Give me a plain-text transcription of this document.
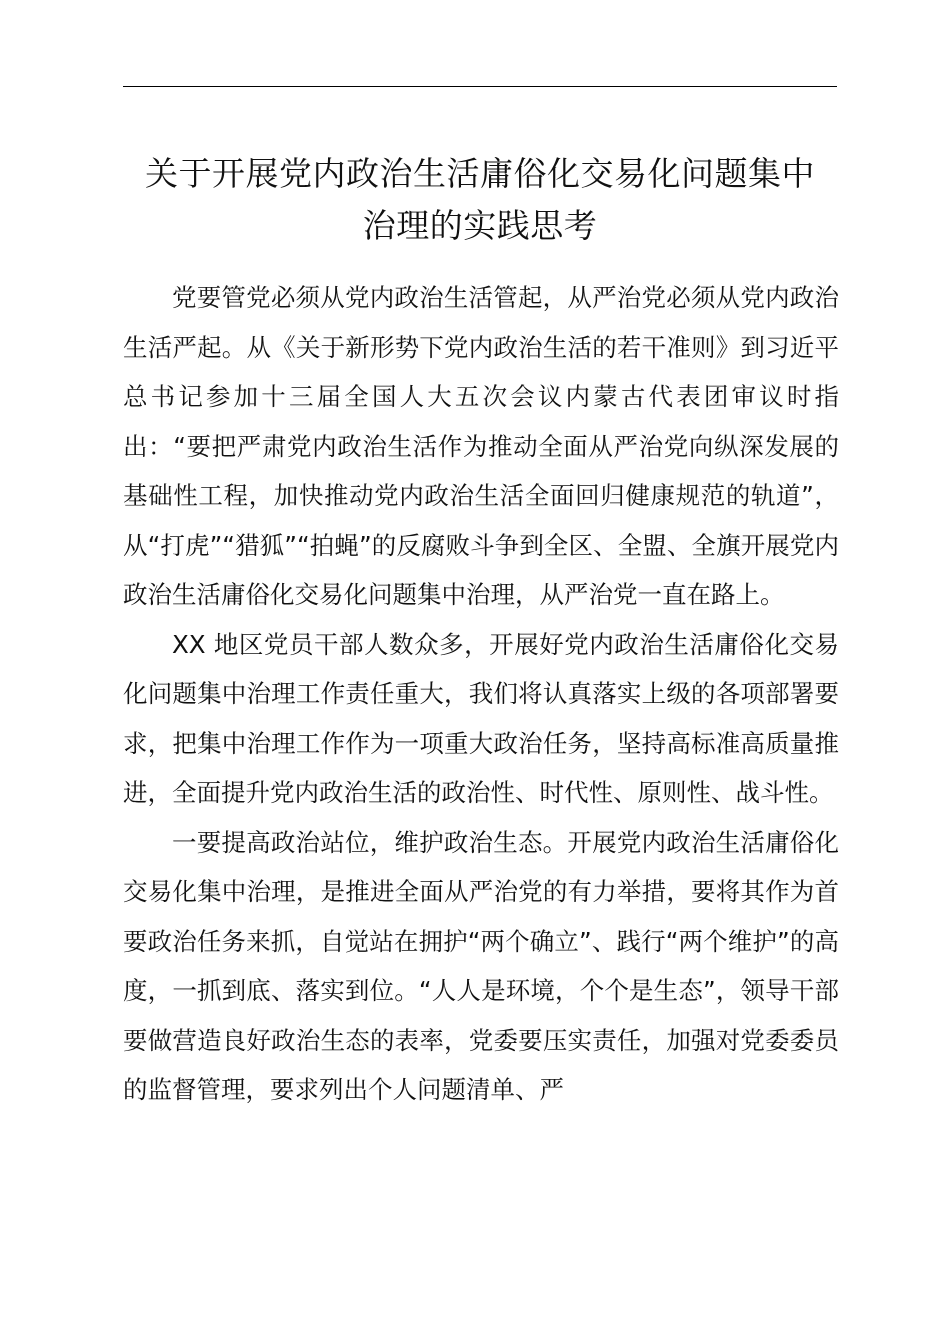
关于开展党内政治生活庸俗化交易化问题集中
治理的实践思考

党要管党必须从党内政治生活管起，从严治党必须从党内政治生活严起。从《关于新形势下党内政治生活的若干准则》到习近平总书记参加十三届全国人大五次会议内蒙古代表团审议时指出：“要把严肃党内政治生活作为推动全面从严治党向纵深发展的基础性工程，加快推动党内政治生活全面回归健康规范的轨道”，从“打虎”“猎狐”“拍蝇”的反腐败斗争到全区、全盟、全旗开展党内政治生活庸俗化交易化问题集中治理，从严治党一直在路上。

XX 地区党员干部人数众多，开展好党内政治生活庸俗化交易化问题集中治理工作责任重大，我们将认真落实上级的各项部署要求，把集中治理工作作为一项重大政治任务，坚持高标准高质量推进，全面提升党内政治生活的政治性、时代性、原则性、战斗性。

一要提高政治站位，维护政治生态。开展党内政治生活庸俗化交易化集中治理，是推进全面从严治党的有力举措，要将其作为首要政治任务来抓，自觉站在拥护“两个确立”、践行“两个维护”的高度，一抓到底、落实到位。“人人是环境，个个是生态”，领导干部要做营造良好政治生态的表率，党委要压实责任，加强对党委委员的监督管理，要求列出个人问题清单、严
